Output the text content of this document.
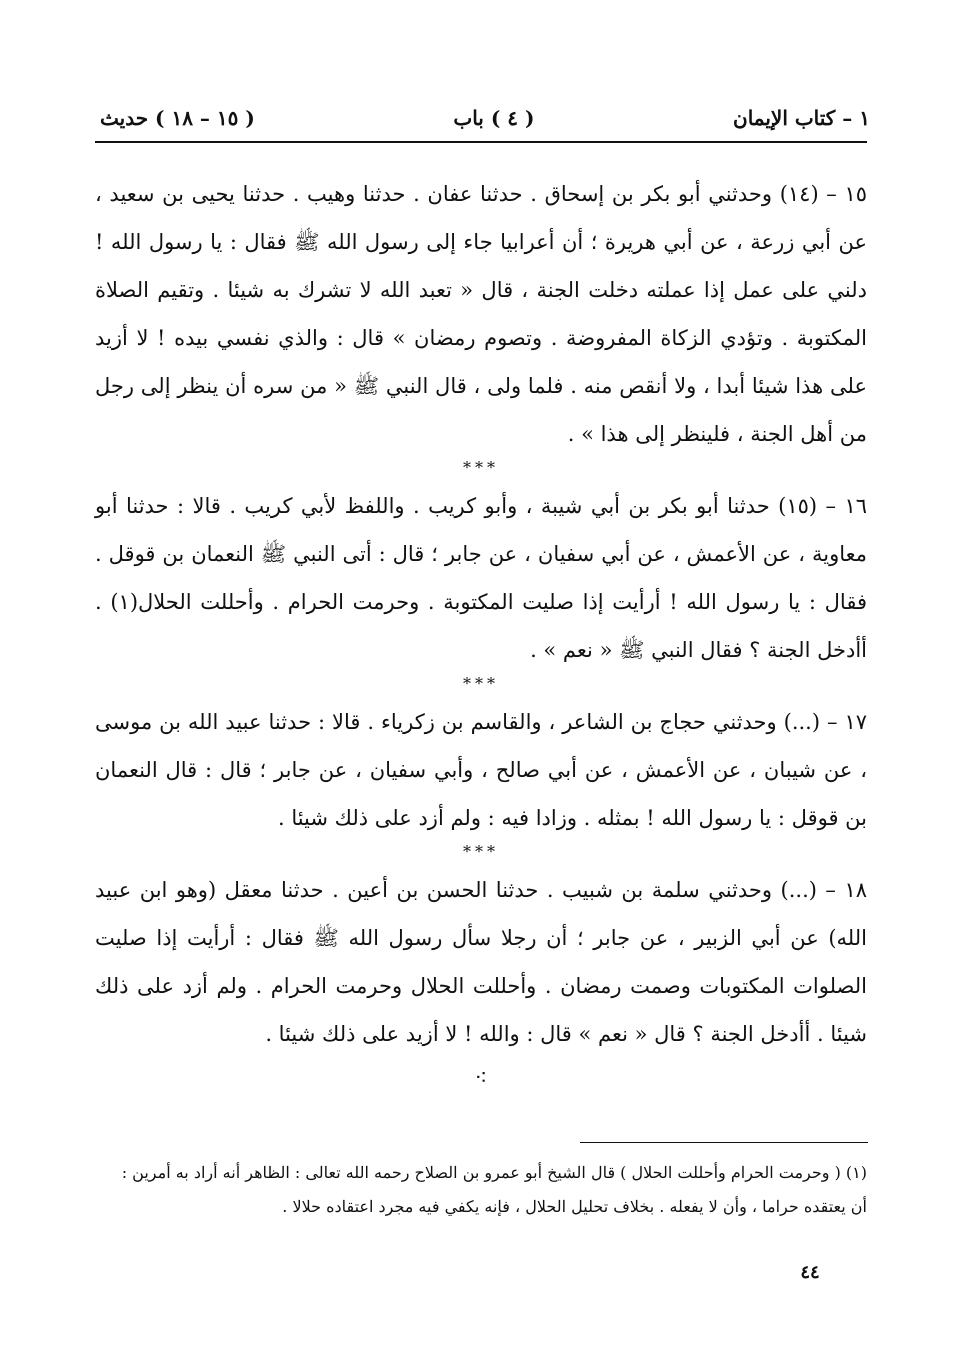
١ – كتاب الإيمان
( ٤ ) باب
( ١٥ – ١٨ ) حديث

١٥ – (١٤) وحدثني أبو بكر بن إسحاق . حدثنا عفان . حدثنا وهيب . حدثنا يحيى بن سعيد ، عن أبي زرعة ، عن أبي هريرة ؛ أن أعرابيا جاء إلى رسول الله ﷺ فقال : يا رسول الله ! دلني على عمل إذا عملته دخلت الجنة ، قال « تعبد الله لا تشرك به شيئا . وتقيم الصلاة المكتوبة . وتؤدي الزكاة المفروضة . وتصوم رمضان » قال : والذي نفسي بيده ! لا أزيد على هذا شيئا أبدا ، ولا أنقص منه . فلما ولى ، قال النبي ﷺ « من سره أن ينظر إلى رجل من أهل الجنة ، فلينظر إلى هذا » .

***

١٦ – (١٥) حدثنا أبو بكر بن أبي شيبة ، وأبو كريب . واللفظ لأبي كريب . قالا : حدثنا أبو معاوية ، عن الأعمش ، عن أبي سفيان ، عن جابر ؛ قال : أتى النبي ﷺ النعمان بن قوقل . فقال : يا رسول الله ! أرأيت إذا صليت المكتوبة . وحرمت الحرام . وأحللت الحلال(١) . أأدخل الجنة ؟ فقال النبي ﷺ « نعم » .

***

١٧ – (...) وحدثني حجاج بن الشاعر ، والقاسم بن زكرياء . قالا : حدثنا عبيد الله بن موسى ، عن شيبان ، عن الأعمش ، عن أبي صالح ، وأبي سفيان ، عن جابر ؛ قال : قال النعمان بن قوقل : يا رسول الله ! بمثله . وزادا فيه : ولم أزد على ذلك شيئا .

***

١٨ – (...) وحدثني سلمة بن شبيب . حدثنا الحسن بن أعين . حدثنا معقل (وهو ابن عبيد الله) عن أبي الزبير ، عن جابر ؛ أن رجلا سأل رسول الله ﷺ فقال : أرأيت إذا صليت الصلوات المكتوبات وصمت رمضان . وأحللت الحلال وحرمت الحرام . ولم أزد على ذلك شيئا . أأدخل الجنة ؟ قال « نعم » قال : والله ! لا أزيد على ذلك شيئا .

⁖

(١) ( وحرمت الحرام وأحللت الحلال ) قال الشيخ أبو عمرو بن الصلاح رحمه الله تعالى : الظاهر أنه أراد به أمرين :

أن يعتقده حراما ، وأن لا يفعله . بخلاف تحليل الحلال ، فإنه يكفي فيه مجرد اعتقاده حلالا .

٤٤
